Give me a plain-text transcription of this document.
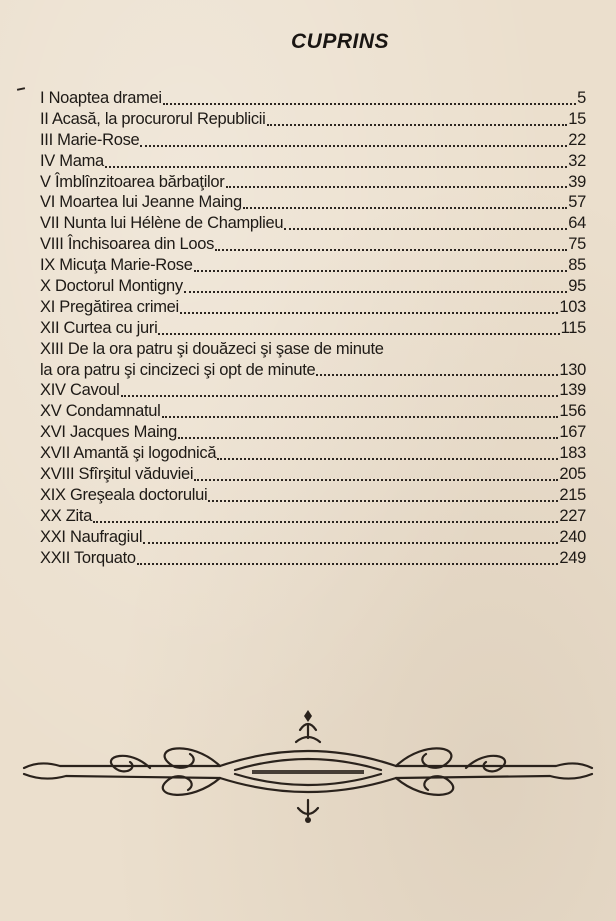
CUPRINS
I Noaptea dramei	5
II Acasă, la procurorul Republicii	15
III Marie-Rose	22
IV Mama	32
V Îmblînzitoarea bărbaţilor	39
VI Moartea lui Jeanne Maing	57
VII Nunta lui Hélène de Champlieu	64
VIII Închisoarea din Loos	75
IX Micuţa Marie-Rose	85
X Doctorul Montigny	95
XI Pregătirea crimei	103
XII Curtea cu juri	115
XIII De la ora patru şi douăzeci şi şase de minute
la ora patru şi cincizeci şi opt de minute	130
XIV Cavoul	139
XV Condamnatul	156
XVI Jacques Maing	167
XVII Amantă şi logodnică	183
XVIII Sfîrşitul văduviei	205
XIX Greşeala doctorului	215
XX Zita	227
XXI Naufragiul	240
XXII Torquato	249
